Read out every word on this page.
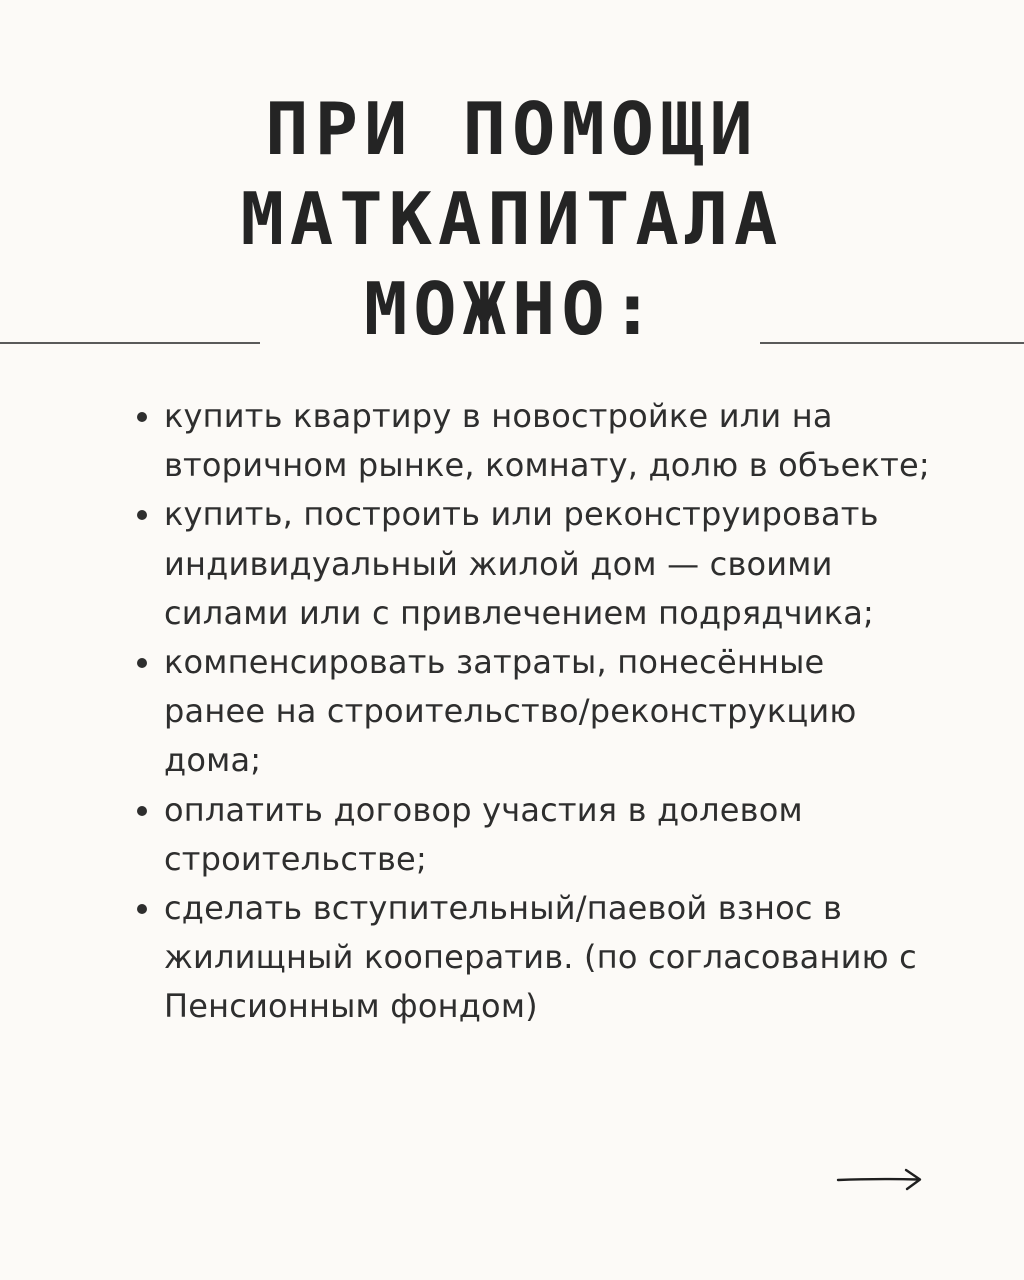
ПРИ ПОМОЩИ
МАТКАПИТАЛА
МОЖНО:
купить квартиру в новостройке или на вторичном рынке, комнату, долю в объекте;
купить, построить или реконструировать индивидуальный жилой дом — своими силами или с привлечением подрядчика;
компенсировать затраты, понесённые ранее на строительство/реконструкцию дома;
оплатить договор участия в долевом строительстве;
сделать вступительный/паевой взнос в жилищный кооператив. (по согласованию с Пенсионным фондом)
